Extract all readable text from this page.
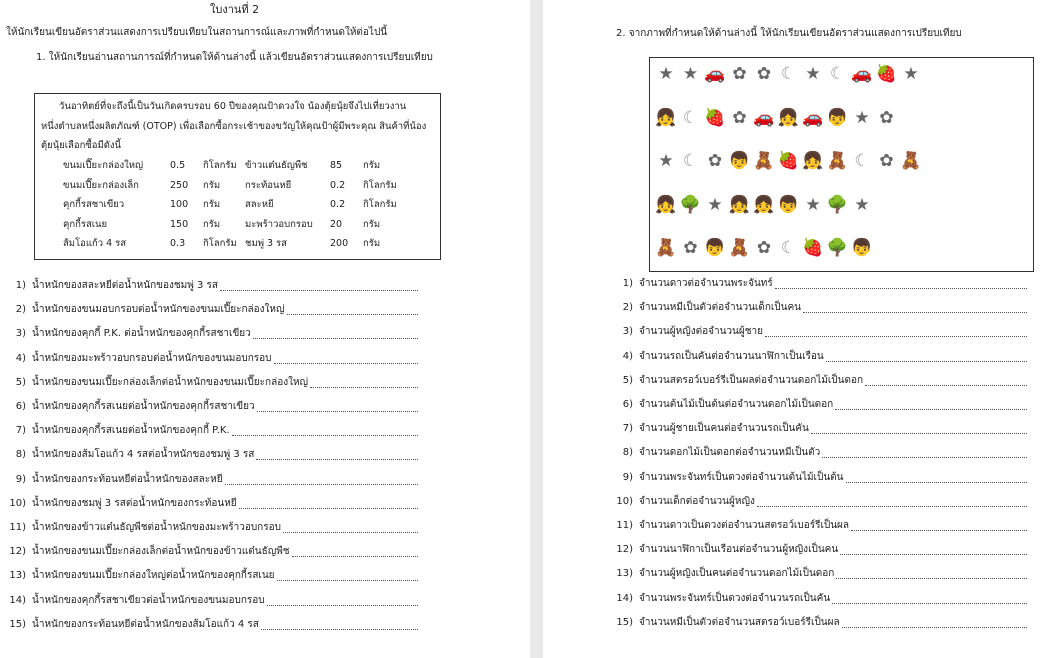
ใบงานที่ 2
ให้นักเรียนเขียนอัตราส่วนแสดงการเปรียบเทียบในสถานการณ์และภาพที่กำหนดให้ต่อไปนี้
1. ให้นักเรียนอ่านสถานการณ์ที่กำหนดให้ด้านล่างนี้ แล้วเขียนอัตราส่วนแสดงการเปรียบเทียบ
วันอาทิตย์ที่จะถึงนี้เป็นวันเกิดครบรอบ 60 ปีของคุณป้าดวงใจ น้องตุ้ยนุ้ยจึงไปเที่ยวงาน
หนึ่งตำบลหนึ่งผลิตภัณฑ์ (OTOP) เพื่อเลือกซื้อกระเช้าของขวัญให้คุณป้าผู้มีพระคุณ สินค้าที่น้อง
ตุ้ยนุ้ยเลือกซื้อมีดังนี้
ขนมเปี๊ยะกล่องใหญ่	0.5 กิโลกรัม ข้าวแต๋นธัญพืช 85 กรัม
ขนมเปี๊ยะกล่องเล็ก	250 กรัม	กระท้อนหยี	0.2 กิโลกรัม
คุกกี้รสชาเขียว	100 กรัม	สละหยี	0.2 กิโลกรัม
คุกกี้รสเนย	150 กรัม	มะพร้าวอบกรอบ 20 กรัม
ส้มโอแก้ว 4 รส	0.3 กิโลกรัม ชมพู่ 3 รส	200 กรัม
1) น้ำหนักของสละหยีต่อน้ำหนักของชมพู่ 3 รส
2) น้ำหนักของขนมอบกรอบต่อน้ำหนักของขนมเปี๊ยะกล่องใหญ่
3) น้ำหนักของคุกกี้ P.K. ต่อน้ำหนักของคุกกี้รสชาเขียว
4) น้ำหนักของมะพร้าวอบกรอบต่อน้ำหนักของขนมอบกรอบ
5) น้ำหนักของขนมเปี๊ยะกล่องเล็กต่อน้ำหนักของขนมเปี๊ยะกล่องใหญ่
6) น้ำหนักของคุกกี้รสเนยต่อน้ำหนักของคุกกี้รสชาเขียว
7) น้ำหนักของคุกกี้รสเนยต่อน้ำหนักของคุกกี้ P.K.
8) น้ำหนักของส้มโอแก้ว 4 รสต่อน้ำหนักของชมพู่ 3 รส
9) น้ำหนักของกระท้อนหยีต่อน้ำหนักของสละหยี
10) น้ำหนักของชมพู่ 3 รสต่อน้ำหนักของกระท้อนหยี
11) น้ำหนักของข้าวแต๋นธัญพืชต่อน้ำหนักของมะพร้าวอบกรอบ
12) น้ำหนักของขนมเปี๊ยะกล่องเล็กต่อน้ำหนักของข้าวแต๋นธัญพืช
13) น้ำหนักของขนมเปี๊ยะกล่องใหญ่ต่อน้ำหนักของคุกกี้รสเนย
14) น้ำหนักของคุกกี้รสชาเขียวต่อน้ำหนักของขนมอบกรอบ
15) น้ำหนักของกระท้อนหยีต่อน้ำหนักของส้มโอแก้ว 4 รส
2. จากภาพที่กำหนดให้ด้านล่างนี้ ให้นักเรียนเขียนอัตราส่วนแสดงการเปรียบเทียบ
1) จำนวนดาวต่อจำนวนพระจันทร์
2) จำนวนหมีเป็นตัวต่อจำนวนเด็กเป็นคน
3) จำนวนผู้หญิงต่อจำนวนผู้ชาย
4) จำนวนรถเป็นคันต่อจำนวนนาฬิกาเป็นเรือน
5) จำนวนสตรอว์เบอร์รีเป็นผลต่อจำนวนดอกไม้เป็นดอก
6) จำนวนต้นไม้เป็นต้นต่อจำนวนดอกไม้เป็นดอก
7) จำนวนผู้ชายเป็นคนต่อจำนวนรถเป็นคัน
8) จำนวนดอกไม้เป็นดอกต่อจำนวนหมีเป็นตัว
9) จำนวนพระจันทร์เป็นดวงต่อจำนวนต้นไม้เป็นต้น
10) จำนวนเด็กต่อจำนวนผู้หญิง
11) จำนวนดาวเป็นดวงต่อจำนวนสตรอว์เบอร์รีเป็นผล
12) จำนวนนาฬิกาเป็นเรือนต่อจำนวนผู้หญิงเป็นคน
13) จำนวนผู้หญิงเป็นคนต่อจำนวนดอกไม้เป็นดอก
14) จำนวนพระจันทร์เป็นดวงต่อจำนวนรถเป็นคัน
15) จำนวนหมีเป็นตัวต่อจำนวนสตรอว์เบอร์รีเป็นผล
★ ★ 🚗 ✿ ✿ ☾ ★ ☾ 🚗 🍓 ★
👧 ☾ 🍓 ✿ 🚗 👧 🚗 👦 ★ ✿
★ ☾ ✿ 👦 🧸 🍓 👧 🧸 ☾ ✿ 🧸
👧 🌳 ★ 👧 👧 👦 ★ 🌳 ★
🧸 ✿ 👦 🧸 ✿ ☾ 🍓 🌳 👦
